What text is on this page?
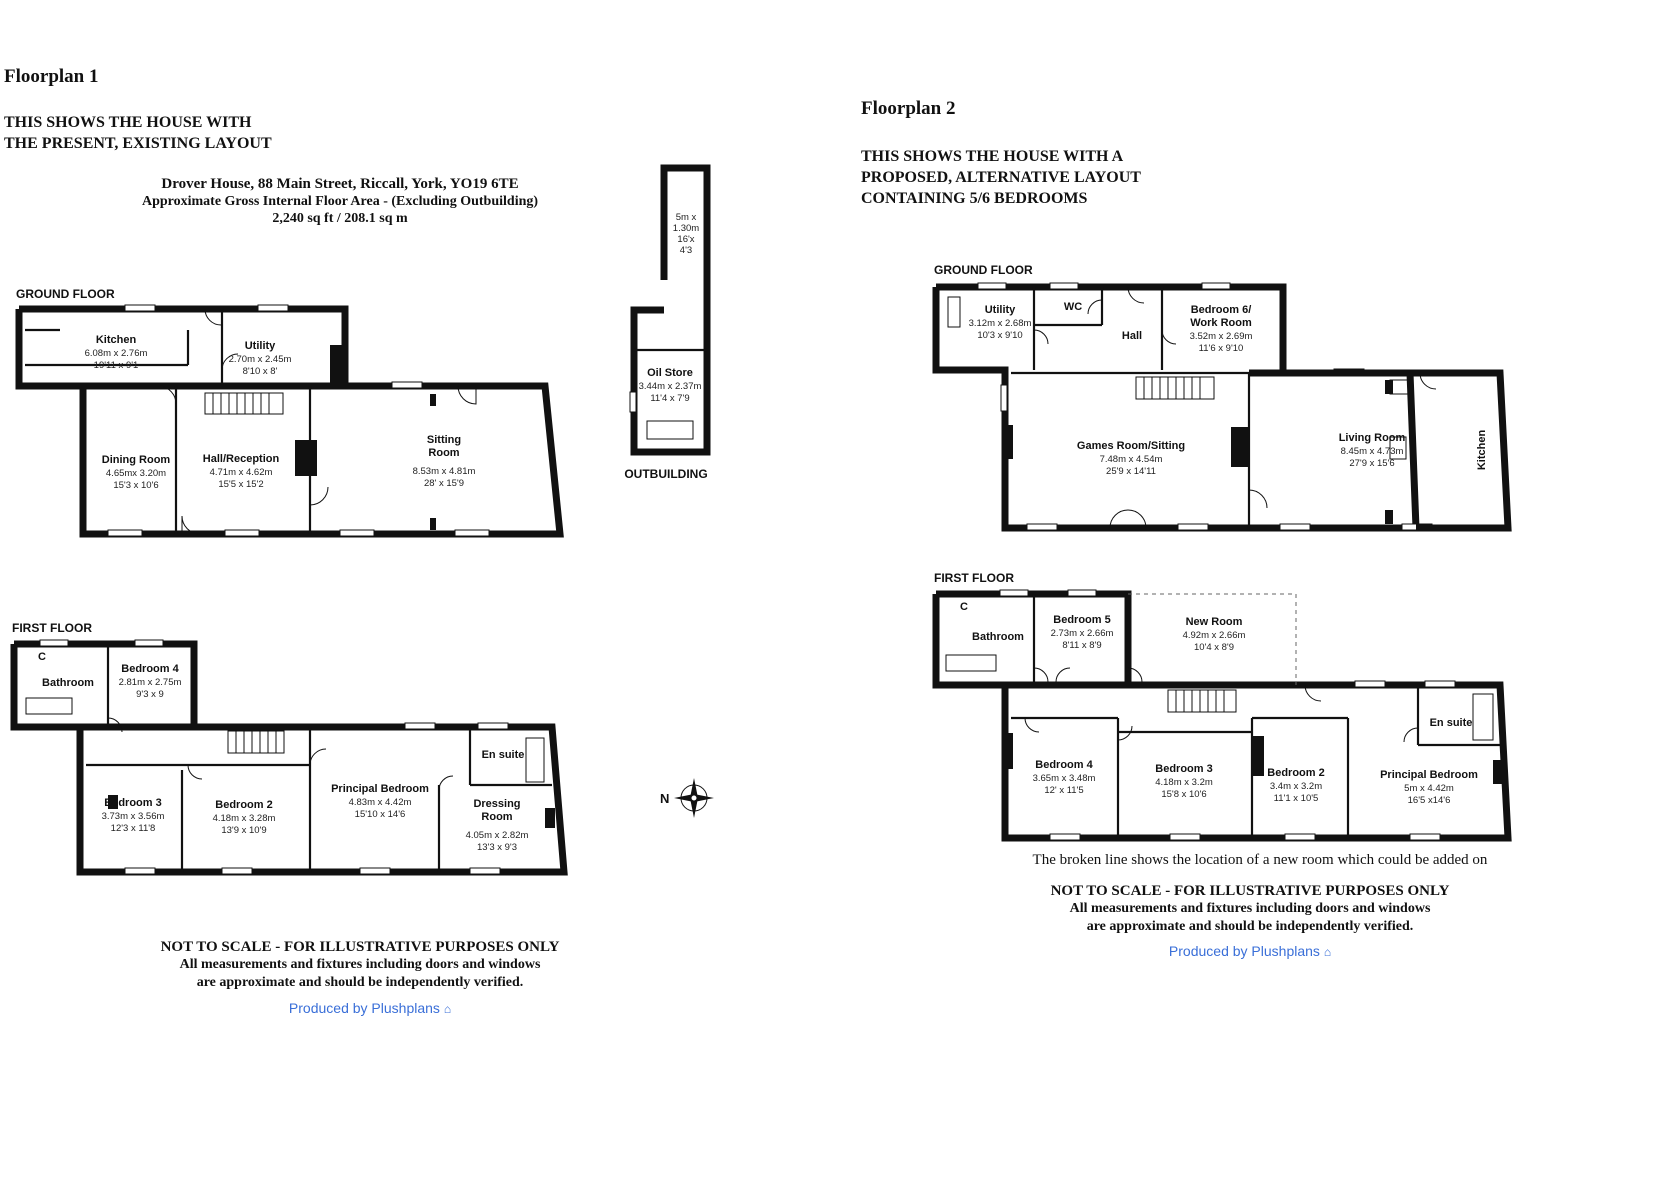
Floorplan 1
THIS SHOWS THE HOUSE WITH
THE PRESENT, EXISTING LAYOUT
Drover House, 88 Main Street, Riccall, York, YO19 6TE
Approximate Gross Internal Floor Area - (Excluding Outbuilding)
2,240 sq ft / 208.1 sq m
GROUND FLOOR
Kitchen
6.08m x 2.76m
19'11 x 9'1
Utility
2.70m x 2.45m
8'10 x 8'
Dining Room
4.65mx 3.20m
15'3 x 10'6
Hall/Reception
4.71m x 4.62m
15'5 x 15'2
Sitting
Room
8.53m x 4.81m
28' x 15'9
5m x
1.30m
16'x
4'3
Oil Store
3.44m x 2.37m
11'4 x 7'9
OUTBUILDING
FIRST FLOOR
C
Bathroom
Bedroom 4
2.81m x 2.75m
9'3 x 9
Bedroom 3
3.73m x 3.56m
12'3 x 11'8
Bedroom 2
4.18m x 3.28m
13'9 x 10'9
Principal Bedroom
4.83m x 4.42m
15'10 x 14'6
En suite
Dressing
Room
4.05m x 2.82m
13'3 x 9'3
N
NOT TO SCALE - FOR ILLUSTRATIVE PURPOSES ONLY
All measurements and fixtures including doors and windows
are approximate and should be independently verified.
Produced by Plushplans ⌂
Floorplan 2
THIS SHOWS THE HOUSE WITH A
PROPOSED, ALTERNATIVE LAYOUT
CONTAINING 5/6 BEDROOMS
GROUND FLOOR
Utility
3.12m x 2.68m
10'3 x 9'10
WC
Hall
Bedroom 6/
Work Room
3.52m x 2.69m
11'6 x 9'10
Games Room/Sitting
7.48m x 4.54m
25'9 x 14'11
Living Room
8.45m x 4.73m
27'9 x 15'6	Kitchen
FIRST FLOOR
C
Bathroom
Bedroom 5
2.73m x 2.66m
8'11 x 8'9
New Room
4.92m x 2.66m
10'4 x 8'9
Bedroom 4
3.65m x 3.48m
12' x 11'5
Bedroom 3
4.18m x 3.2m
15'8 x 10'6
Bedroom 2
3.4m x 3.2m
11'1 x 10'5
Principal Bedroom
5m x 4.42m
16'5 x14'6
En suite
The broken line shows the location of a new room which could be added on
NOT TO SCALE - FOR ILLUSTRATIVE PURPOSES ONLY
All measurements and fixtures including doors and windows
are approximate and should be independently verified.
Produced by Plushplans ⌂
